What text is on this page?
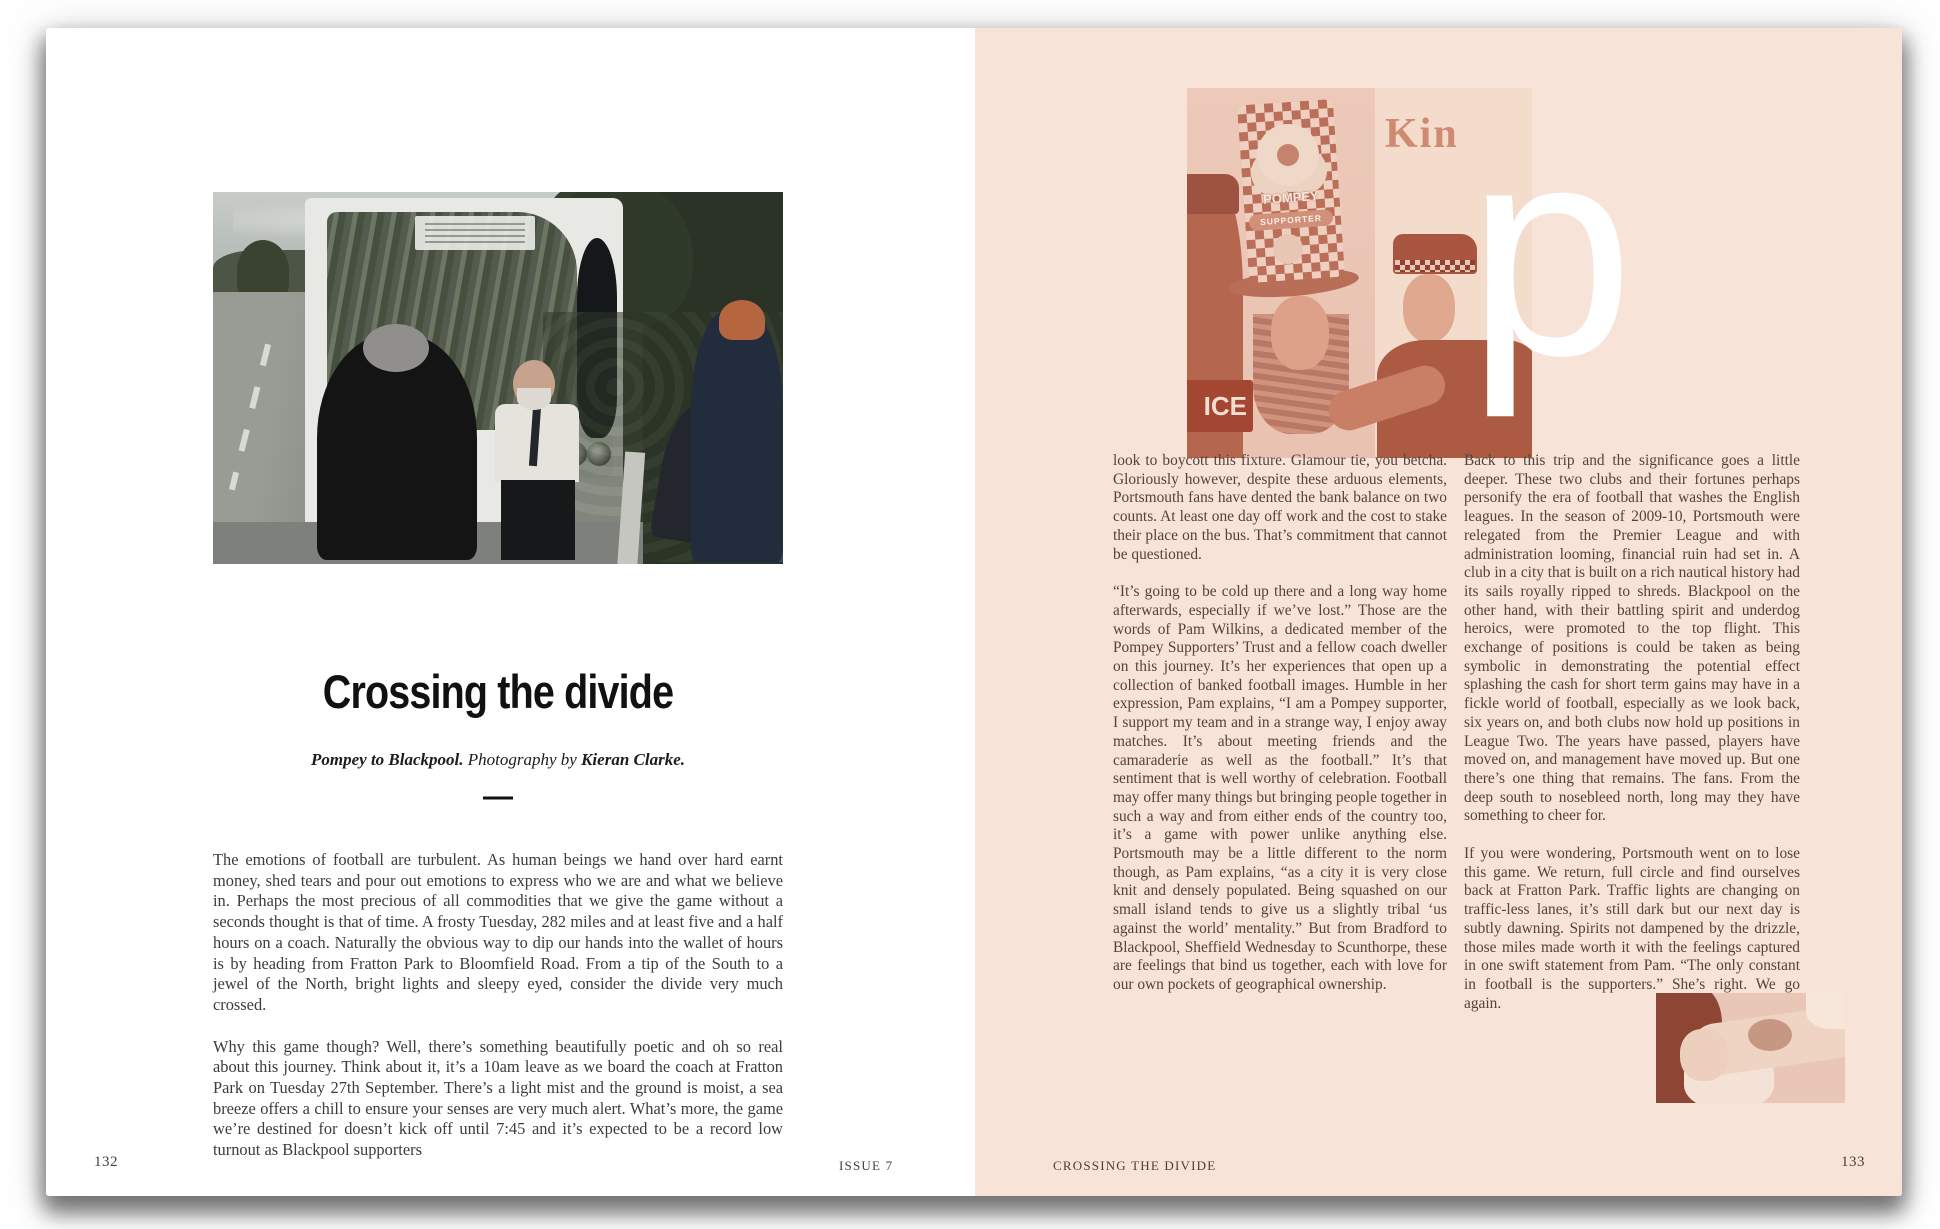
Crossing the divide

Pompey to Blackpool. Photography by Kieran Clarke.

—

The emotions of football are turbulent. As human beings we hand over hard earnt money, shed tears and pour out emotions to express who we are and what we believe in. Perhaps the most precious of all commodities that we give the game without a seconds thought is that of time. A frosty Tuesday, 282 miles and at least five and a half hours on a coach. Naturally the obvious way to dip our hands into the wallet of hours is by heading from Fratton Park to Bloomfield Road. From a tip of the South to a jewel of the North, bright lights and sleepy eyed, consider the divide very much crossed.

Why this game though? Well, there’s something beautifully poetic and oh so real about this journey. Think about it, it’s a 10am leave as we board the coach at Fratton Park on Tuesday 27th September. There’s a light mist and the ground is moist, a sea breeze offers a chill to ensure your senses are very much alert. What’s more, the game we’re destined for doesn’t kick off until 7:45 and it’s expected to be a record low turnout as Blackpool supporters

132	ISSUE 7
Kin
POMPEY
SUPPORTER
ICE p

look to boycott this fixture. Glamour tie, you betcha. Gloriously however, despite these arduous elements, Portsmouth fans have dented the bank balance on two counts. At least one day off work and the cost to stake their place on the bus. That’s commitment that cannot be questioned.

“It’s going to be cold up there and a long way home afterwards, especially if we’ve lost.” Those are the words of Pam Wilkins, a dedicated member of the Pompey Supporters’ Trust and a fellow coach dweller on this journey. It’s her experiences that open up a collection of banked football images. Humble in her expression, Pam explains, “I am a Pompey supporter, I support my team and in a strange way, I enjoy away matches. It’s about meeting friends and the camaraderie as well as the football.” It’s that sentiment that is well worthy of celebration. Football may offer many things but bringing people together in such a way and from either ends of the country too, it’s a game with power unlike anything else. Portsmouth may be a little different to the norm though, as Pam explains, “as a city it is very close knit and densely populated. Being squashed on our small island tends to give us a slightly tribal ‘us against the world’ mentality.” But from Bradford to Blackpool, Sheffield Wednesday to Scunthorpe, these are feelings that bind us together, each with love for our own pockets of geographical ownership.

Back to this trip and the significance goes a little deeper. These two clubs and their fortunes perhaps personify the era of football that washes the English leagues. In the season of 2009-10, Portsmouth were relegated from the Premier League and with administration looming, financial ruin had set in. A club in a city that is built on a rich nautical history had its sails royally ripped to shreds. Blackpool on the other hand, with their battling spirit and underdog heroics, were promoted to the top flight. This exchange of positions is could be taken as being symbolic in demonstrating the potential effect splashing the cash for short term gains may have in a fickle world of football, especially as we look back, six years on, and both clubs now hold up positions in League Two. The years have passed, players have moved on, and management have moved up. But one there’s one thing that remains. The fans. From the deep south to nosebleed north, long may they have something to cheer for.

If you were wondering, Portsmouth went on to lose this game. We return, full circle and find ourselves back at Fratton Park. Traffic lights are changing on traffic-less lanes, it’s still dark but our next day is subtly dawning. Spirits not dampened by the drizzle, those miles made worth it with the feelings captured in one swift statement from Pam. “The only constant in football is the supporters.” She’s right. We go again.

CROSSING THE DIVIDE	133
